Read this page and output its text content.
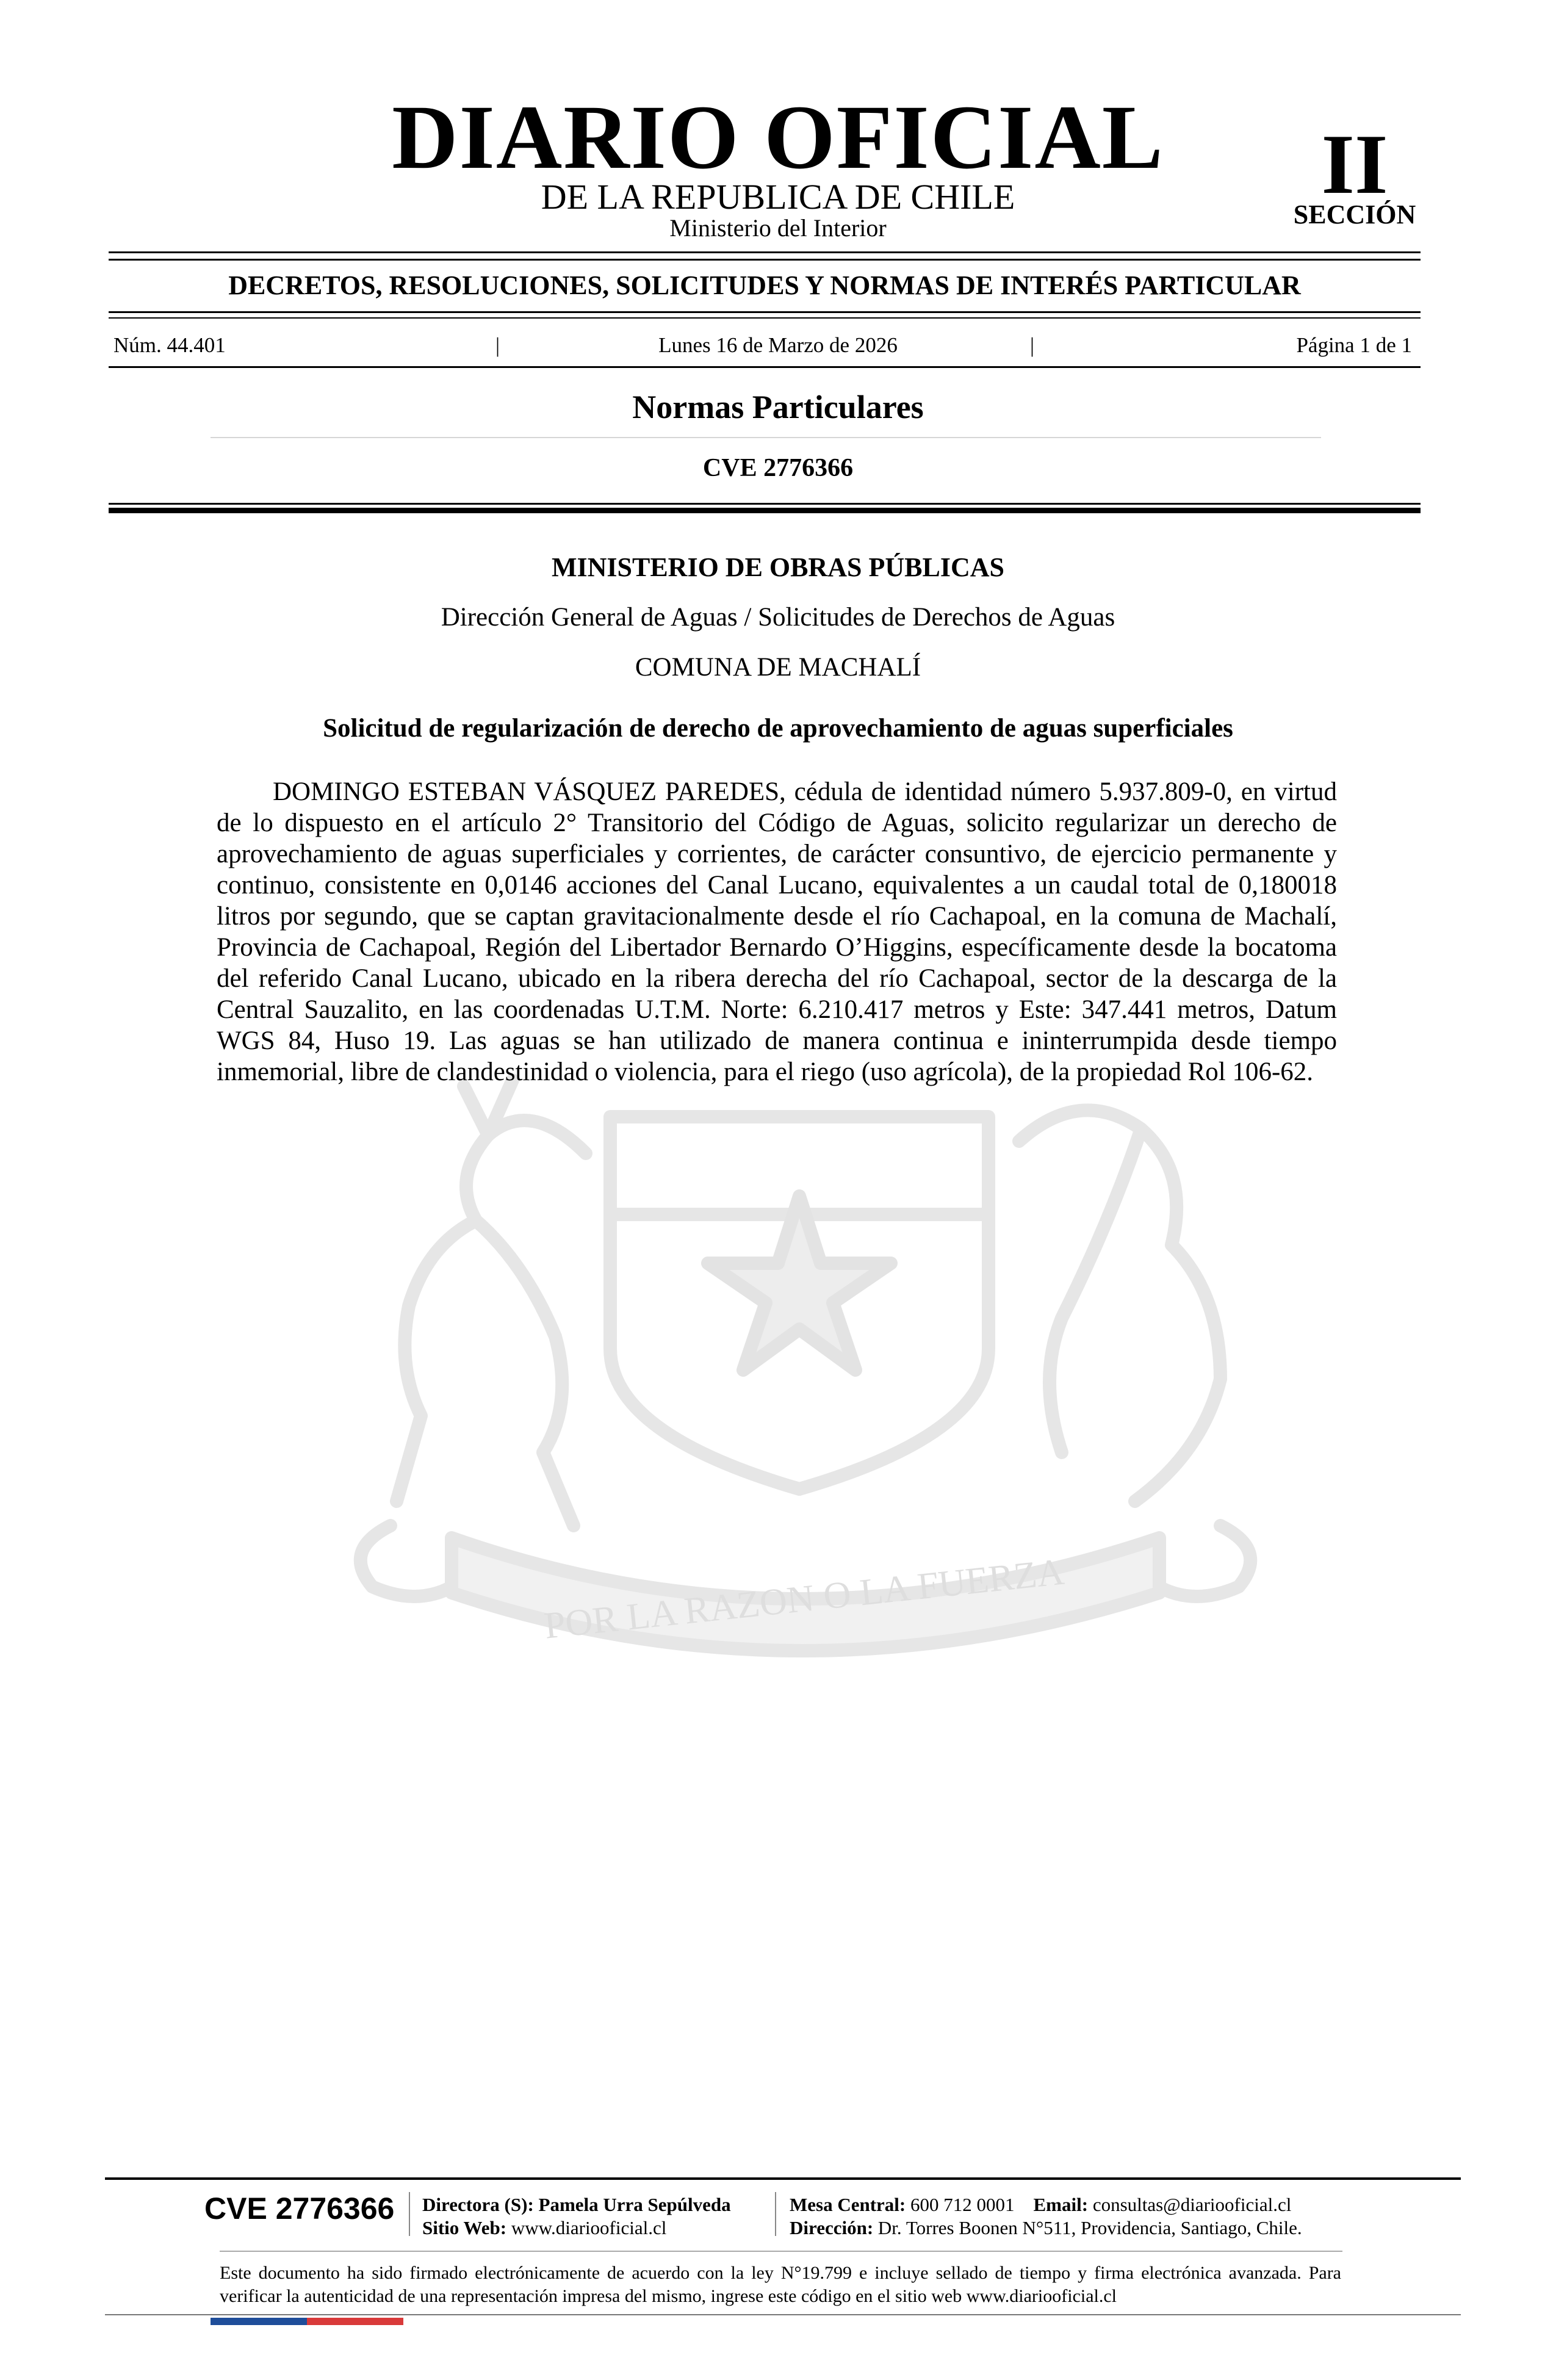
DIARIO OFICIAL
DE LA REPUBLICA DE CHILE
Ministerio del Interior
II
SECCIÓN
DECRETOS, RESOLUCIONES, SOLICITUDES Y NORMAS DE INTERÉS PARTICULAR
Núm. 44.401	|	Lunes 16 de Marzo de 2026	|	Página 1 de 1
Normas Particulares
CVE 2776366
POR LA RAZON O LA FUERZA
MINISTERIO DE OBRAS PÚBLICAS
Dirección General de Aguas / Solicitudes de Derechos de Aguas
COMUNA DE MACHALÍ
Solicitud de regularización de derecho de aprovechamiento de aguas superficiales
DOMINGO ESTEBAN VÁSQUEZ PAREDES, cédula de identidad número 5.937.809-0, en virtud de lo dispuesto en el artículo 2° Transitorio del Código de Aguas, solicito regularizar un derecho de aprovechamiento de aguas superficiales y corrientes, de carácter consuntivo, de ejercicio permanente y continuo, consistente en 0,0146 acciones del Canal Lucano, equivalentes a un caudal total de 0,180018 litros por segundo, que se captan gravitacionalmente desde el río Cachapoal, en la comuna de Machalí, Provincia de Cachapoal, Región del Libertador Bernardo O’Higgins, específicamente desde la bocatoma del referido Canal Lucano, ubicado en la ribera derecha del río Cachapoal, sector de la descarga de la Central Sauzalito, en las coordenadas U.T.M. Norte: 6.210.417 metros y Este: 347.441 metros, Datum WGS 84, Huso 19. Las aguas se han utilizado de manera continua e ininterrumpida desde tiempo inmemorial, libre de clandestinidad o violencia, para el riego (uso agrícola), de la propiedad Rol 106-62.
CVE 2776366 Directora (S): Pamela Urra Sepúlveda
Sitio Web: www.diariooficial.cl
Mesa Central: 600 712 0001 Email: consultas@diariooficial.cl
Dirección: Dr. Torres Boonen N°511, Providencia, Santiago, Chile.
Este documento ha sido firmado electrónicamente de acuerdo con la ley N°19.799 e incluye sellado de tiempo y firma electrónica avanzada. Para verificar la autenticidad de una representación impresa del mismo, ingrese este código en el sitio web www.diariooficial.cl
